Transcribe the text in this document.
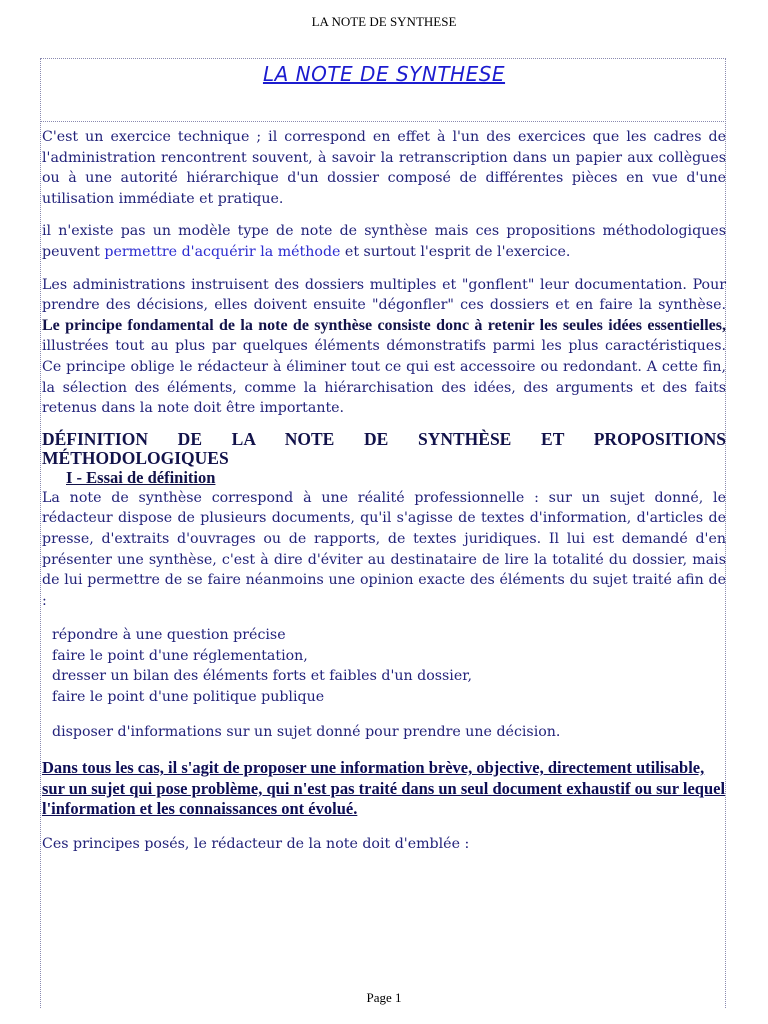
LA NOTE DE SYNTHESE
LA NOTE DE SYNTHESE

C'est un exercice technique ; il correspond en effet à l'un des exercices que les cadres de l'administration rencontrent souvent, à savoir la retranscription dans un papier aux collègues ou à une autorité hiérarchique d'un dossier composé de différentes pièces en vue d'une utilisation immédiate et pratique.

il n'existe pas un modèle type de note de synthèse mais ces propositions méthodologiques peuvent permettre d'acquérir la méthode et surtout l'esprit de l'exercice.

Les administrations instruisent des dossiers multiples et "gonflent" leur documentation. Pour prendre des décisions, elles doivent ensuite "dégonfler" ces dossiers et en faire la synthèse. Le principe fondamental de la note de synthèse consiste donc à retenir les seules idées essentielles, illustrées tout au plus par quelques éléments démonstratifs parmi les plus caractéristiques. Ce principe oblige le rédacteur à éliminer tout ce qui est accessoire ou redondant. A cette fin, la sélection des éléments, comme la hiérarchisation des idées, des arguments et des faits retenus dans la note doit être importante.

DÉFINITION DE LA NOTE DE SYNTHÈSE ET PROPOSITIONS

MÉTHODOLOGIQUES

I - Essai de définition

La note de synthèse correspond à une réalité professionnelle : sur un sujet donné, le rédacteur dispose de plusieurs documents, qu'il s'agisse de textes d'information, d'articles de presse, d'extraits d'ouvrages ou de rapports, de textes juridiques. Il lui est demandé d'en présenter une synthèse, c'est à dire d'éviter au destinataire de lire la totalité du dossier, mais de lui permettre de se faire néanmoins une opinion exacte des éléments du sujet traité afin de :

répondre à une question précise
faire le point d'une réglementation,
dresser un bilan des éléments forts et faibles d'un dossier,
faire le point d'une politique publique

disposer d'informations sur un sujet donné pour prendre une décision.

Dans tous les cas, il s'agit de proposer une information brève, objective, directement utilisable, sur un sujet qui pose problème, qui n'est pas traité dans un seul document exhaustif ou sur lequel l'information et les connaissances ont évolué.

Ces principes posés, le rédacteur de la note doit d'emblée :

Page 1
